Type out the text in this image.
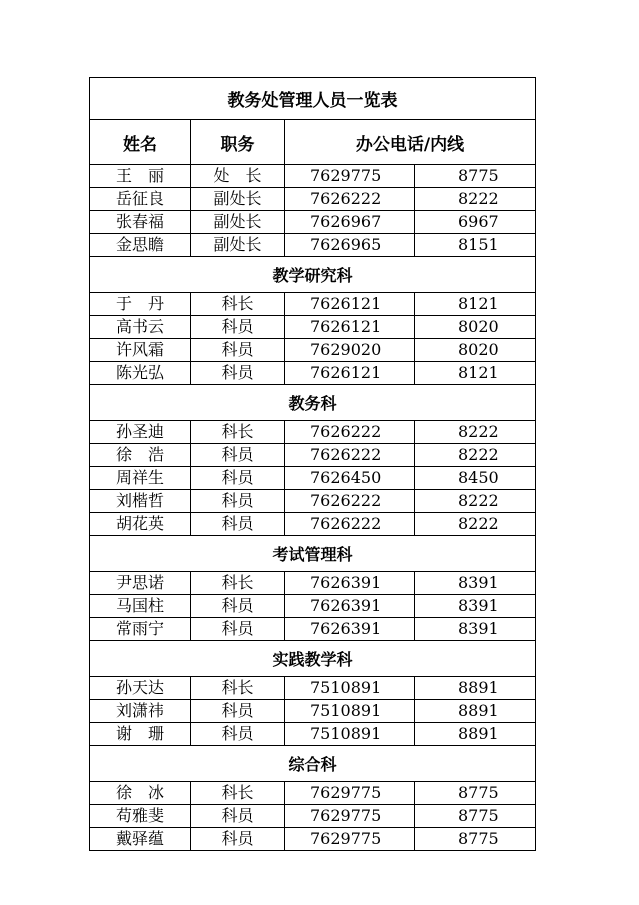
教务处管理人员一览表			
姓名	职务	办公电话/内线	
王　丽	处　长	7629775	8775
岳征良	副处长	7626222	8222
张春福	副处长	7626967	6967
金思瞻	副处长	7626965	8151
教学研究科			
于　丹	科长	7626121	8121
高书云	科员	7626121	8020
许风霜	科员	7629020	8020
陈光弘	科员	7626121	8121
教务科			
孙圣迪	科长	7626222	8222
徐　浩	科员	7626222	8222
周祥生	科员	7626450	8450
刘楷哲	科员	7626222	8222
胡花英	科员	7626222	8222
考试管理科			
尹思诺	科长	7626391	8391
马国柱	科员	7626391	8391
常雨宁	科员	7626391	8391
实践教学科			
孙天达	科长	7510891	8891
刘潇祎	科员	7510891	8891
谢　珊	科员	7510891	8891
综合科			
徐　冰	科长	7629775	8775
苟雅斐	科员	7629775	8775
戴驿蕴	科员	7629775	8775
